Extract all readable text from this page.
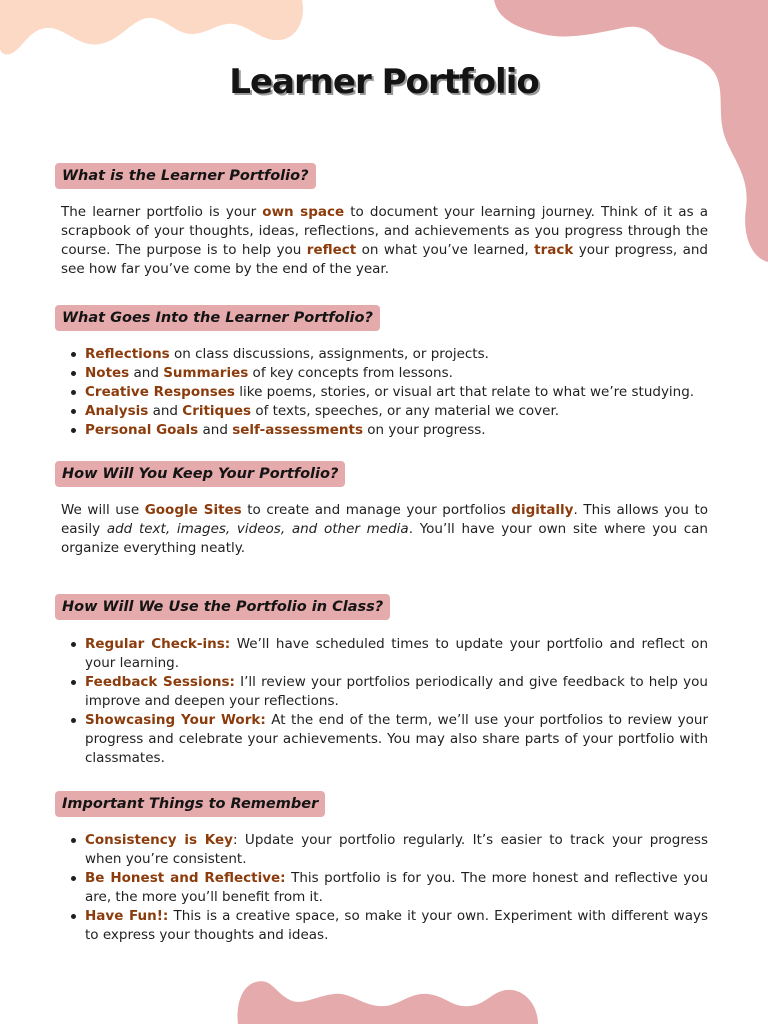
Learner Portfolio
What is the Learner Portfolio?

The learner portfolio is your own space to document your learning journey. Think of it as a scrapbook of your thoughts, ideas, reflections, and achievements as you progress through the course. The purpose is to help you reflect on what you’ve learned, track your progress, and see how far you’ve come by the end of the year.

What Goes Into the Learner Portfolio?
Reflections on class discussions, assignments, or projects.
Notes and Summaries of key concepts from lessons.
Creative Responses like poems, stories, or visual art that relate to what we’re studying.
Analysis and Critiques of texts, speeches, or any material we cover.
Personal Goals and self-assessments on your progress.
How Will You Keep Your Portfolio?

We will use Google Sites to create and manage your portfolios digitally. This allows you to easily add text, images, videos, and other media. You’ll have your own site where you can organize everything neatly.

How Will We Use the Portfolio in Class?
Regular Check-ins: We’ll have scheduled times to update your portfolio and reflect on your learning.
Feedback Sessions: I’ll review your portfolios periodically and give feedback to help you improve and deepen your reflections.
Showcasing Your Work: At the end of the term, we’ll use your portfolios to review your progress and celebrate your achievements. You may also share parts of your portfolio with classmates.
Important Things to Remember
Consistency is Key: Update your portfolio regularly. It’s easier to track your progress when you’re consistent.
Be Honest and Reflective: This portfolio is for you. The more honest and reflective you are, the more you’ll benefit from it.
Have Fun!: This is a creative space, so make it your own. Experiment with different ways to express your thoughts and ideas.
